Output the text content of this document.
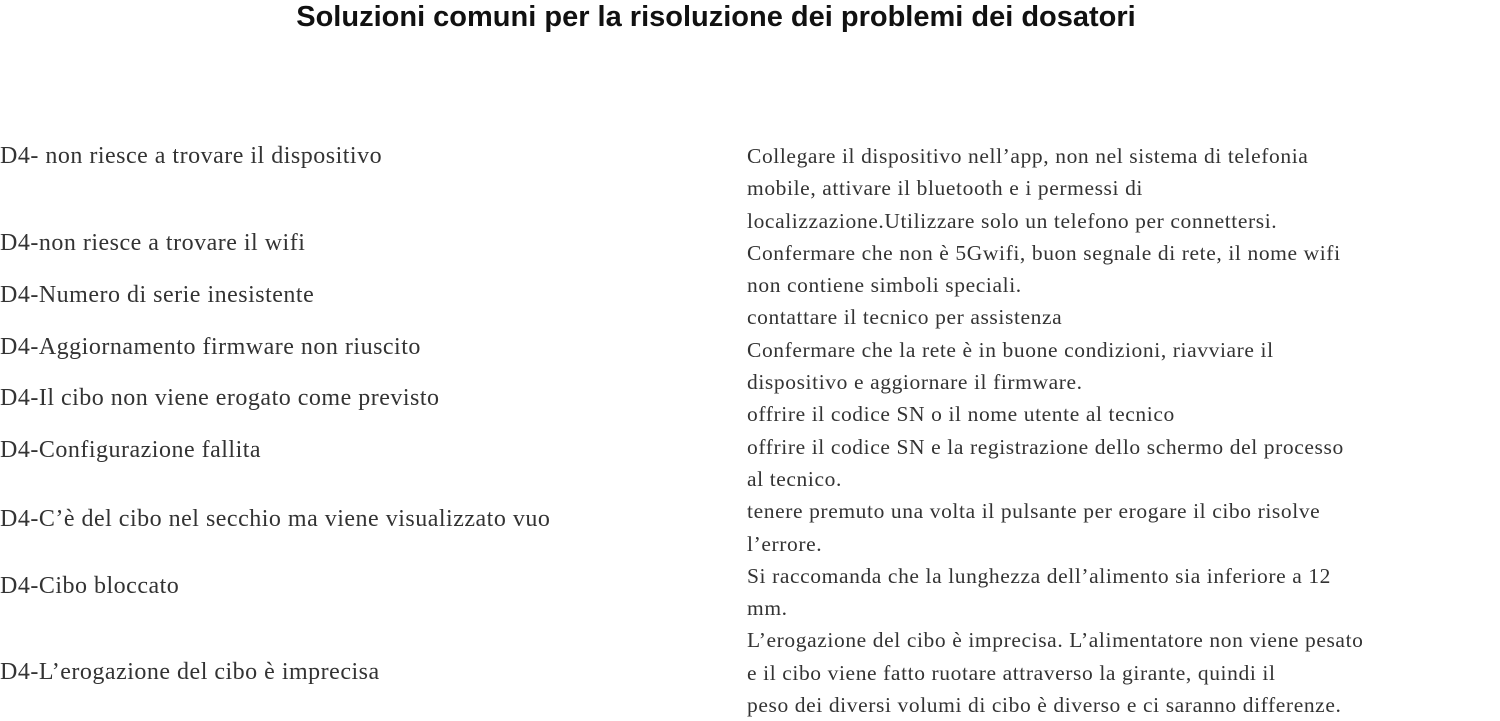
Soluzioni comuni per la risoluzione dei problemi dei dosatori
D4- non riesce a trovare il dispositivo
D4-non riesce a trovare il wifi
D4-Numero di serie inesistente
D4-Aggiornamento firmware non riuscito
D4-Il cibo non viene erogato come previsto
D4-Configurazione fallita
D4-C’è del cibo nel secchio ma viene visualizzato vuo
D4-Cibo bloccato
D4-L’erogazione del cibo è imprecisa
Collegare il dispositivo nell’app, non nel sistema di telefonia
mobile, attivare il bluetooth e i permessi di
localizzazione.Utilizzare solo un telefono per connettersi.
Confermare che non è 5Gwifi, buon segnale di rete, il nome wifi
non contiene simboli speciali.
contattare il tecnico per assistenza
Confermare che la rete è in buone condizioni, riavviare il
dispositivo e aggiornare il firmware.
offrire il codice SN o il nome utente al tecnico
offrire il codice SN e la registrazione dello schermo del processo
al tecnico.
tenere premuto una volta il pulsante per erogare il cibo risolve
l’errore.
Si raccomanda che la lunghezza dell’alimento sia inferiore a 12
mm.
L’erogazione del cibo è imprecisa. L’alimentatore non viene pesato
e il cibo viene fatto ruotare attraverso la girante, quindi il
peso dei diversi volumi di cibo è diverso e ci saranno differenze.
